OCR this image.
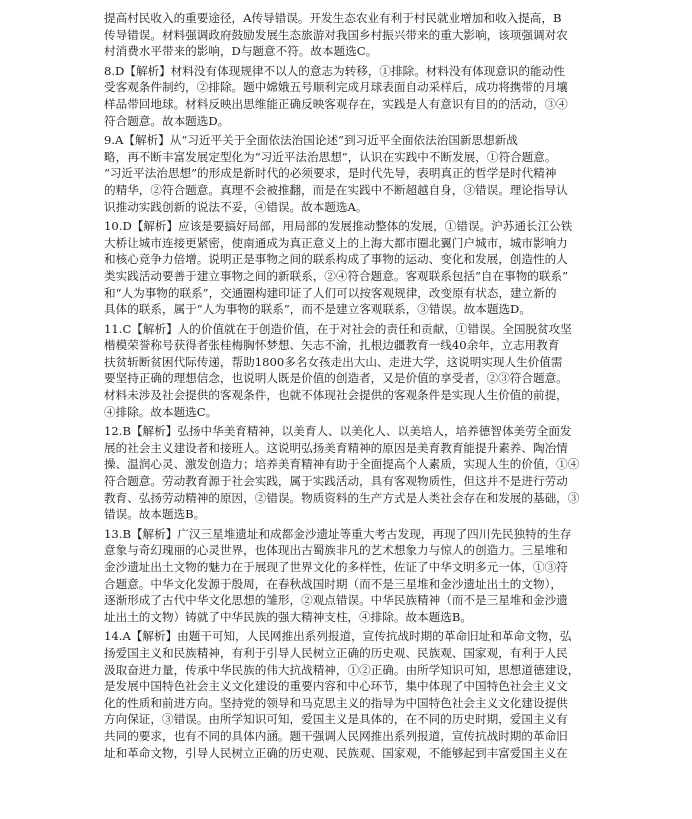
提高村民收入的重要途径，A传导错误。开发生态农业有利于村民就业增加和收入提高，B
传导错误。材料强调政府鼓励发展生态旅游对我国乡村振兴带来的重大影响，该项强调对农
村消费水平带来的影响，D与题意不符。故本题选C。
8.D【解析】材料没有体现规律不以人的意志为转移，①排除。材料没有体现意识的能动性
受客观条件制约，②排除。题中嫦娥五号顺利完成月球表面自动采样后，成功将携带的月壤
样品带回地球。材料反映出思维能正确反映客观存在，实践是人有意识有目的的活动，③④
符合题意。故本题选D。
9.A【解析】从“习近平关于全面依法治国论述”到习近平全面依法治国新思想新战
略，再不断丰富发展定型化为“习近平法治思想”，认识在实践中不断发展，①符合题意。
“习近平法治思想”的形成是新时代的必须要求，是时代先导，表明真正的哲学是时代精神
的精华，②符合题意。真理不会被推翻，而是在实践中不断超越自身，③错误。理论指导认
识推动实践创新的说法不妥，④错误。故本题选A。
10.D【解析】应该是要搞好局部，用局部的发展推动整体的发展，①错误。沪苏通长江公铁
大桥让城市连接更紧密，使南通成为真正意义上的上海大都市圈北翼门户城市，城市影响力
和核心竞争力倍增。说明正是事物之间的联系构成了事物的运动、变化和发展，创造性的人
类实践活动要善于建立事物之间的新联系，②④符合题意。客观联系包括“自在事物的联系”
和“人为事物的联系”，交通圈构建印证了人们可以按客观规律，改变原有状态，建立新的
具体的联系，属于“人为事物的联系”，而不是建立客观联系，③错误。故本题选D。
11.C【解析】人的价值就在于创造价值，在于对社会的责任和贡献，①错误。全国脱贫攻坚
楷模荣誉称号获得者张桂梅胸怀梦想、矢志不渝，扎根边疆教育一线40余年，立志用教育
扶贫斩断贫困代际传递，帮助1800多名女孩走出大山、走进大学，这说明实现人生价值需
要坚持正确的理想信念，也说明人既是价值的创造者，又是价值的享受者，②③符合题意。
材料未涉及社会提供的客观条件，也就不体现社会提供的客观条件是实现人生价值的前提，
④排除。故本题选C。
12.B【解析】弘扬中华美育精神，以美育人、以美化人、以美培人，培养德智体美劳全面发
展的社会主义建设者和接班人。这说明弘扬美育精神的原因是美育教育能提升素养、陶冶情
操、温润心灵、激发创造力；培养美育精神有助于全面提高个人素质，实现人生的价值，①④
符合题意。劳动教育源于社会实践，属于实践活动，具有客观物质性，但这并不是进行劳动
教育、弘扬劳动精神的原因，②错误。物质资料的生产方式是人类社会存在和发展的基础，③
错误。故本题选B。
13.B【解析】广汉三星堆遗址和成都金沙遗址等重大考古发现，再现了四川先民独特的生存
意象与奇幻瑰丽的心灵世界，也体现出古蜀族非凡的艺术想象力与惊人的创造力。三星堆和
金沙遗址出土文物的魅力在于展现了世界文化的多样性，佐证了中华文明多元一体，①③符
合题意。中华文化发源于殷周，在春秋战国时期（而不是三星堆和金沙遗址出土的文物），
逐渐形成了古代中华文化思想的雏形，②观点错误。中华民族精神（而不是三星堆和金沙遗
址出土的文物）铸就了中华民族的强大精神支柱，④排除。故本题选B。
14.A【解析】由题干可知，人民网推出系列报道，宣传抗战时期的革命旧址和革命文物，弘
扬爱国主义和民族精神，有利于引导人民树立正确的历史观、民族观、国家观，有利于人民
汲取奋进力量，传承中华民族的伟大抗战精神，①②正确。由所学知识可知，思想道德建设，
是发展中国特色社会主义文化建设的重要内容和中心环节，集中体现了中国特色社会主义文
化的性质和前进方向。坚持党的领导和马克思主义的指导为中国特色社会主义文化建设提供
方向保证，③错误。由所学知识可知，爱国主义是具体的，在不同的历史时期，爱国主义有
共同的要求，也有不同的具体内涵。题干强调人民网推出系列报道，宣传抗战时期的革命旧
址和革命文物，引导人民树立正确的历史观、民族观、国家观，不能够起到丰富爱国主义在
